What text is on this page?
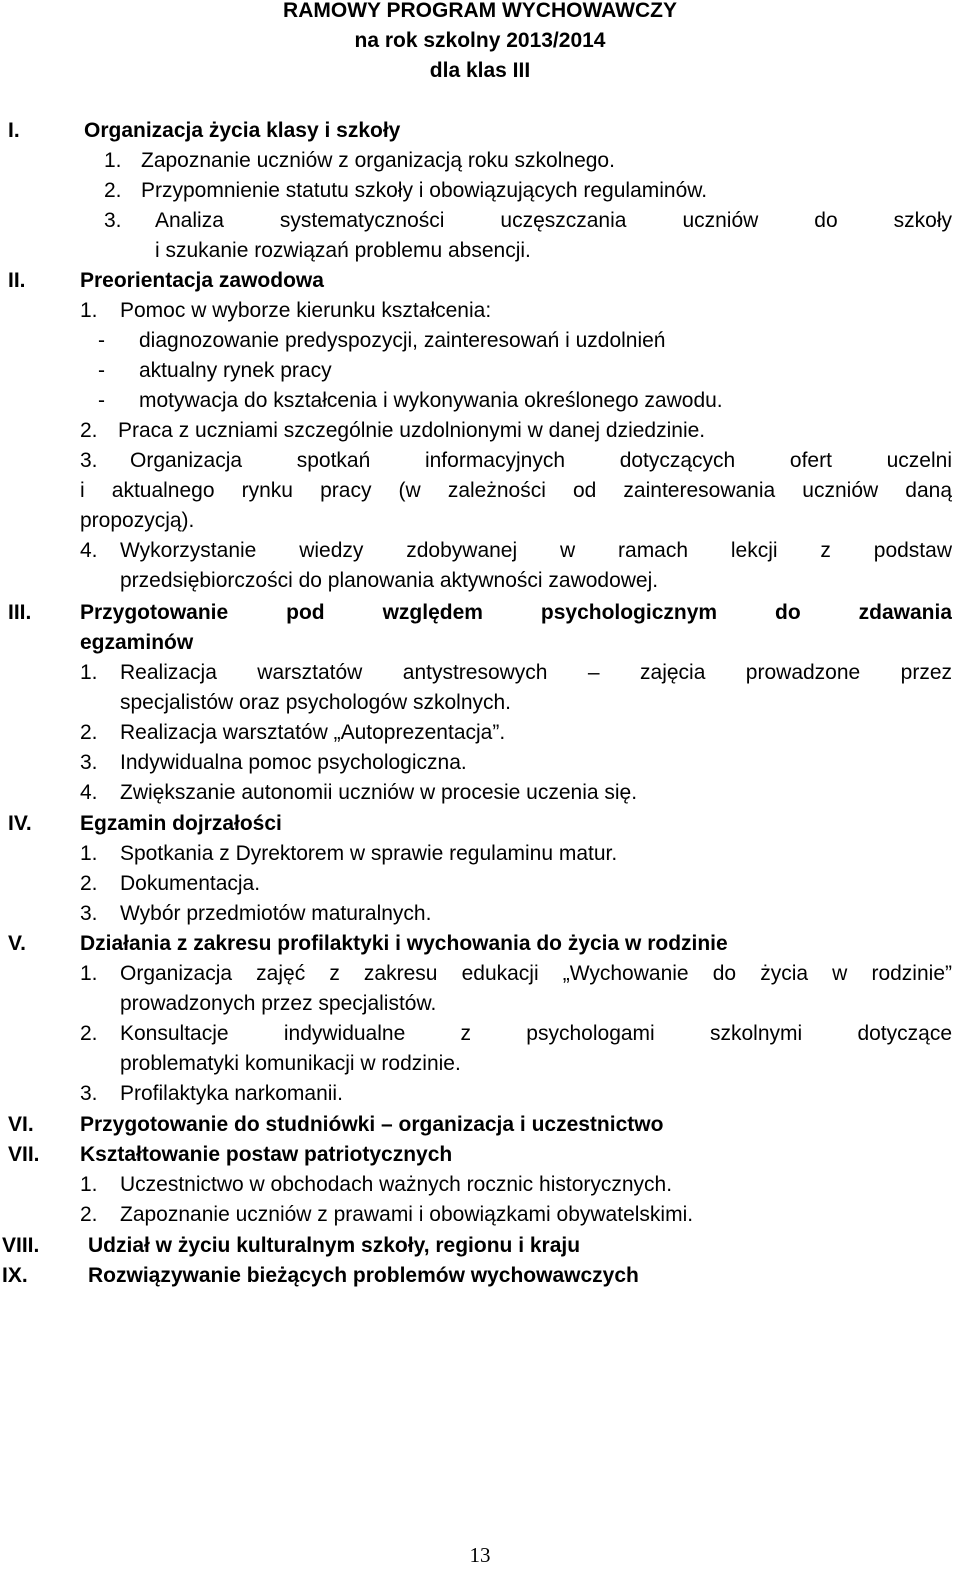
RAMOWY PROGRAM WYCHOWAWCZY
na rok szkolny 2013/2014
dla klas III
I.	Organizacja życia klasy i szkoły
1. Zapoznanie uczniów z organizacją roku szkolnego.
2. Przypomnienie statutu szkoły i obowiązujących regulaminów.
3. Analiza systematyczności uczęszczania uczniów do szkoły
i szukanie rozwiązań problemu absencji.
II.	Preorientacja zawodowa
1. Pomoc w wyborze kierunku kształcenia:
- diagnozowanie predyspozycji, zainteresowań i uzdolnień
- aktualny rynek pracy
- motywacja do kształcenia i wykonywania określonego zawodu.
2. Praca z uczniami szczególnie uzdolnionymi w danej dziedzinie.
3. Organizacja spotkań informacyjnych dotyczących ofert uczelni
i aktualnego rynku pracy (w zależności od zainteresowania uczniów daną
propozycją).
4. Wykorzystanie wiedzy zdobywanej w ramach lekcji z podstaw
przedsiębiorczości do planowania aktywności zawodowej.
III. Przygotowanie pod względem psychologicznym do zdawania
egzaminów
1. Realizacja warsztatów antystresowych – zajęcia prowadzone przez
specjalistów oraz psychologów szkolnych.
2. Realizacja warsztatów „Autoprezentacja”.
3. Indywidualna pomoc psychologiczna.
4. Zwiększanie autonomii uczniów w procesie uczenia się.
IV. Egzamin dojrzałości
1. Spotkania z Dyrektorem w sprawie regulaminu matur.
2. Dokumentacja.
3. Wybór przedmiotów maturalnych.
V.	Działania z zakresu profilaktyki i wychowania do życia w rodzinie
1. Organizacja zajęć z zakresu edukacji „Wychowanie do życia w rodzinie”
prowadzonych przez specjalistów.
2. Konsultacje indywidualne z psychologami szkolnymi dotyczące
problematyki komunikacji w rodzinie.
3. Profilaktyka narkomanii.
VI. Przygotowanie do studniówki – organizacja i uczestnictwo
VII. Kształtowanie postaw patriotycznych
1. Uczestnictwo w obchodach ważnych rocznic historycznych.
2. Zapoznanie uczniów z prawami i obowiązkami obywatelskimi.
VIII. Udział w życiu kulturalnym szkoły, regionu i kraju
IX.	Rozwiązywanie bieżących problemów wychowawczych
13
